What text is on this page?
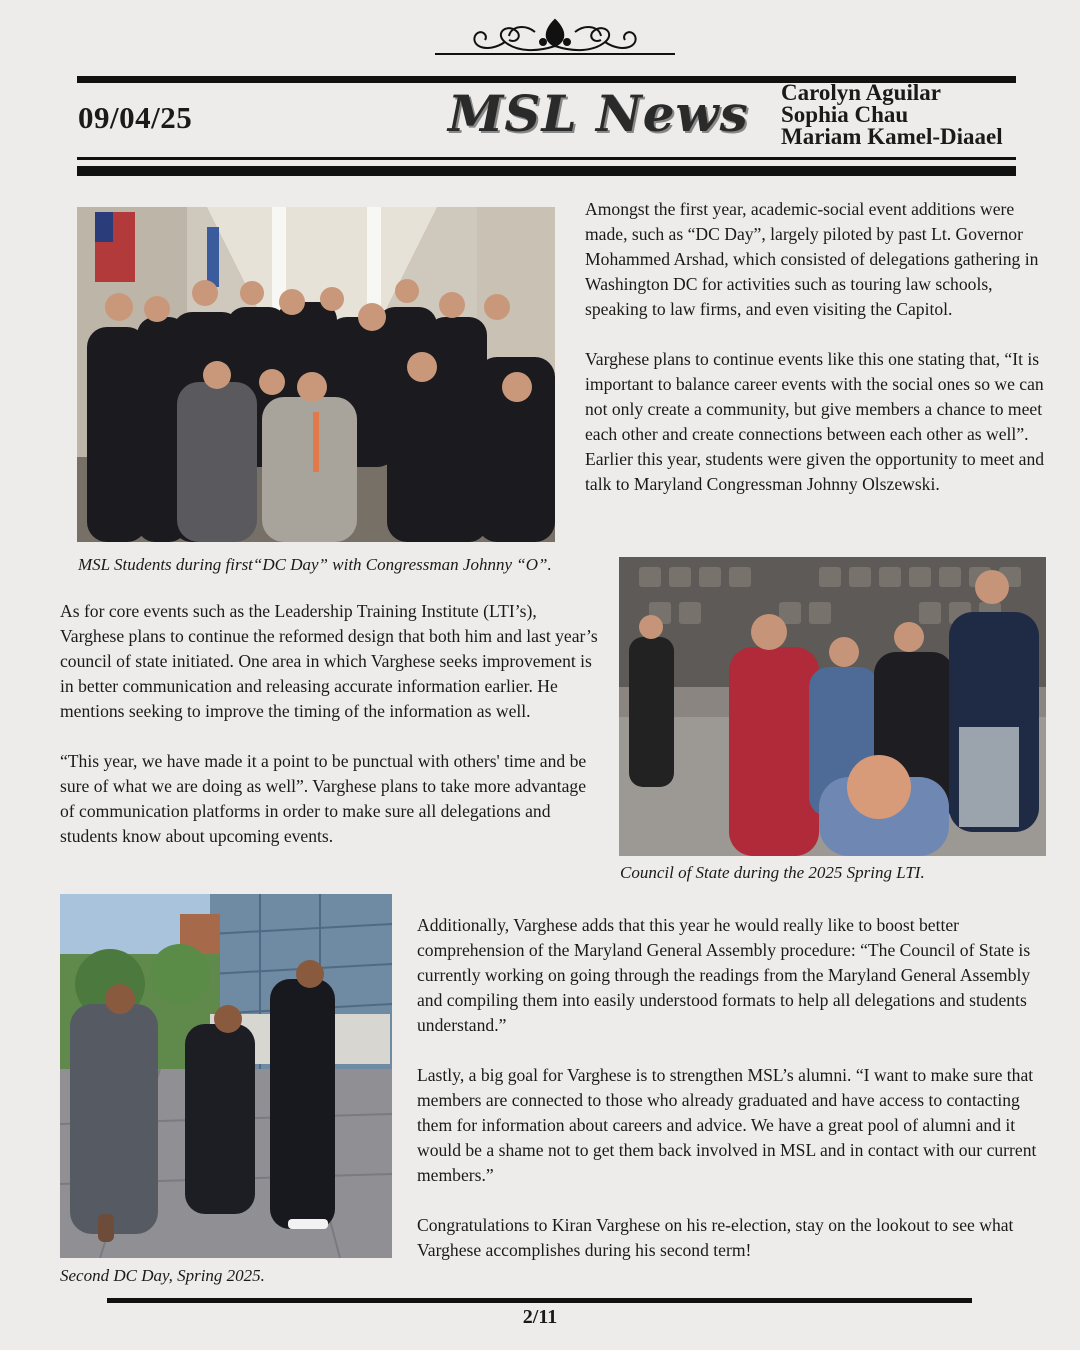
09/04/25	MSL News Carolyn Aguilar
Sophia Chau
Mariam Kamel-Diaael
MSL Students during first“DC Day” with Congressman Johnny “O”.

Amongst the first year, academic-social event additions were made, such as “DC Day”, largely piloted by past Lt. Governor Mohammed Arshad, which consisted of delegations gathering in Washington DC for activities such as touring law schools, speaking to law firms, and even visiting the Capitol.

Varghese plans to continue events like this one stating that, “It is important to balance career events with the social ones so we can not only create a community, but give members a chance to meet each other and create connections between each other as well”. Earlier this year, students were given the opportunity to meet and talk to Maryland Congressman Johnny Olszewski.

Council of State during the 2025 Spring LTI.

As for core events such as the Leadership Training Institute (LTI’s), Varghese plans to continue the reformed design that both him and last year’s council of state initiated. One area in which Varghese seeks improvement is in better communication and releasing accurate information earlier. He mentions seeking to improve the timing of the information as well.

“This year, we have made it a point to be punctual with others' time and be sure of what we are doing as well”. Varghese plans to take more advantage of communication platforms in order to make sure all delegations and students know about upcoming events.

Second DC Day, Spring 2025.

Additionally, Varghese adds that this year he would really like to boost better comprehension of the Maryland General Assembly procedure: “The Council of State is currently working on going through the readings from the Maryland General Assembly and compiling them into easily understood formats to help all delegations and students understand.”

Lastly, a big goal for Varghese is to strengthen MSL’s alumni. “I want to make sure that members are connected to those who already graduated and have access to contacting them for information about careers and advice. We have a great pool of alumni and it would be a shame not to get them back involved in MSL and in contact with our current members.”

Congratulations to Kiran Varghese on his re-election, stay on the lookout to see what Varghese accomplishes during his second term!

2/11
